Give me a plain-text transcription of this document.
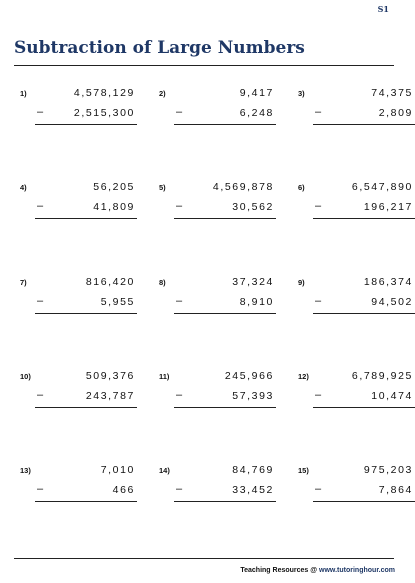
S1
Subtraction of Large Numbers
1)	4,578,129
–	2,515,300
2)	9,417
–	6,248
3)	74,375
–	2,809
4)	56,205
–	41,809
5)	4,569,878
–	30,562
6)	6,547,890
–	196,217
7)	816,420
–	5,955
8)	37,324
–	8,910
9)	186,374
–	94,502
10)	509,376
–	243,787
11)	245,966
–	57,393
12)	6,789,925
–	10,474
13)	7,010
–	466
14)	84,769
–	33,452
15)	975,203
–	7,864
Teaching Resources @ www.tutoringhour.com
